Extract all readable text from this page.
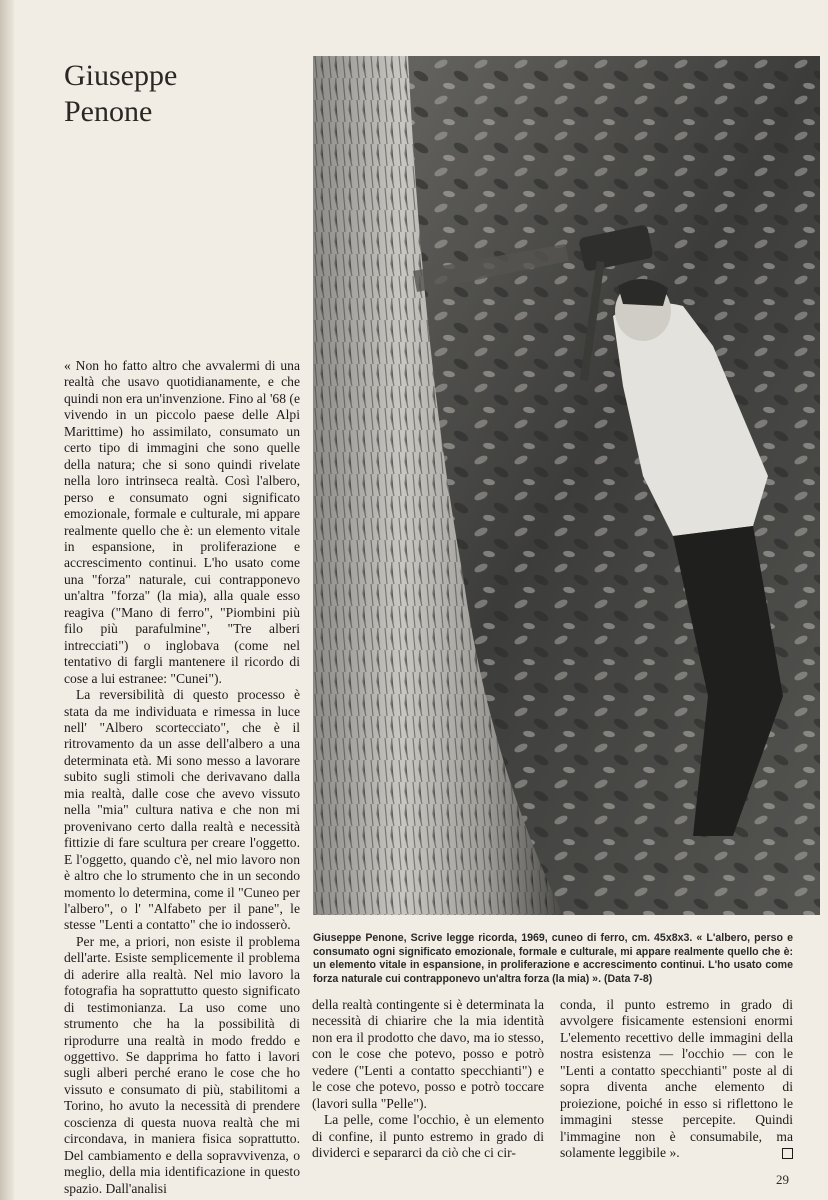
Giuseppe
Penone

« Non ho fatto altro che avvalermi di una realtà che usavo quotidianamente, e che quindi non era un'invenzione. Fino al '68 (e vivendo in un piccolo paese delle Alpi Marittime) ho assimilato, consumato un certo tipo di immagini che sono quelle della natura; che si sono quindi rivelate nella loro intrinseca realtà. Così l'albero, perso e consumato ogni significato emozionale, formale e culturale, mi appare realmente quello che è: un elemento vitale in espansione, in proliferazione e accrescimento continui. L'ho usato come una "forza" naturale, cui contrapponevo un'altra "forza" (la mia), alla quale esso reagiva ("Mano di ferro", "Piombini più filo più parafulmine", "Tre alberi intrecciati") o inglobava (come nel tentativo di fargli mantenere il ricordo di cose a lui estranee: "Cunei").

La reversibilità di questo processo è stata da me individuata e rimessa in luce nell' "Albero scortecciato", che è il ritrovamento da un asse dell'albero a una determinata età. Mi sono messo a lavorare subito sugli stimoli che derivavano dalla mia realtà, dalle cose che avevo vissuto nella "mia" cultura nativa e che non mi provenivano certo dalla realtà e necessità fittizie di fare scultura per creare l'oggetto. E l'oggetto, quando c'è, nel mio lavoro non è altro che lo strumento che in un secondo momento lo determina, come il "Cuneo per l'albero", o l' "Alfabeto per il pane", le stesse "Lenti a contatto" che io indosserò.

Per me, a priori, non esiste il problema dell'arte. Esiste semplicemente il problema di aderire alla realtà. Nel mio lavoro la fotografia ha soprattutto questo significato di testimonianza. La uso come uno strumento che ha la possibilità di riprodurre una realtà in modo freddo e oggettivo. Se dapprima ho fatto i lavori sugli alberi perché erano le cose che ho vissuto e consumato di più, stabilitomi a Torino, ho avuto la necessità di prendere coscienza di questa nuova realtà che mi circondava, in maniera fisica soprattutto. Del cambiamento e della sopravvivenza, o meglio, della mia identificazione in questo spazio. Dall'analisi

Giuseppe Penone, Scrive legge ricorda, 1969, cuneo di ferro, cm. 45x8x3. « L'albero, perso e consumato ogni significato emozionale, formale e culturale, mi appare realmente quello che è: un elemento vitale in espansione, in proliferazione e accrescimento continui. L'ho usato come forza naturale cui contrapponevo un'altra forza (la mia) ». (Data 7-8)

della realtà contingente si è determinata la necessità di chiarire che la mia identità non era il prodotto che davo, ma io stesso, con le cose che potevo, posso e potrò vedere ("Lenti a contatto specchianti") e le cose che potevo, posso e potrò toccare (lavori sulla "Pelle").

La pelle, come l'occhio, è un elemento di confine, il punto estremo in grado di dividerci e separarci da ciò che ci cir-

conda, il punto estremo in grado di avvolgere fisicamente estensioni enormi L'elemento recettivo delle immagini della nostra esistenza — l'occhio — con le "Lenti a contatto specchianti" poste al di sopra diventa anche elemento di proiezione, poiché in esso si riflettono le immagini stesse percepite. Quindi l'immagine non è consumabile, ma solamente leggibile ».

29
